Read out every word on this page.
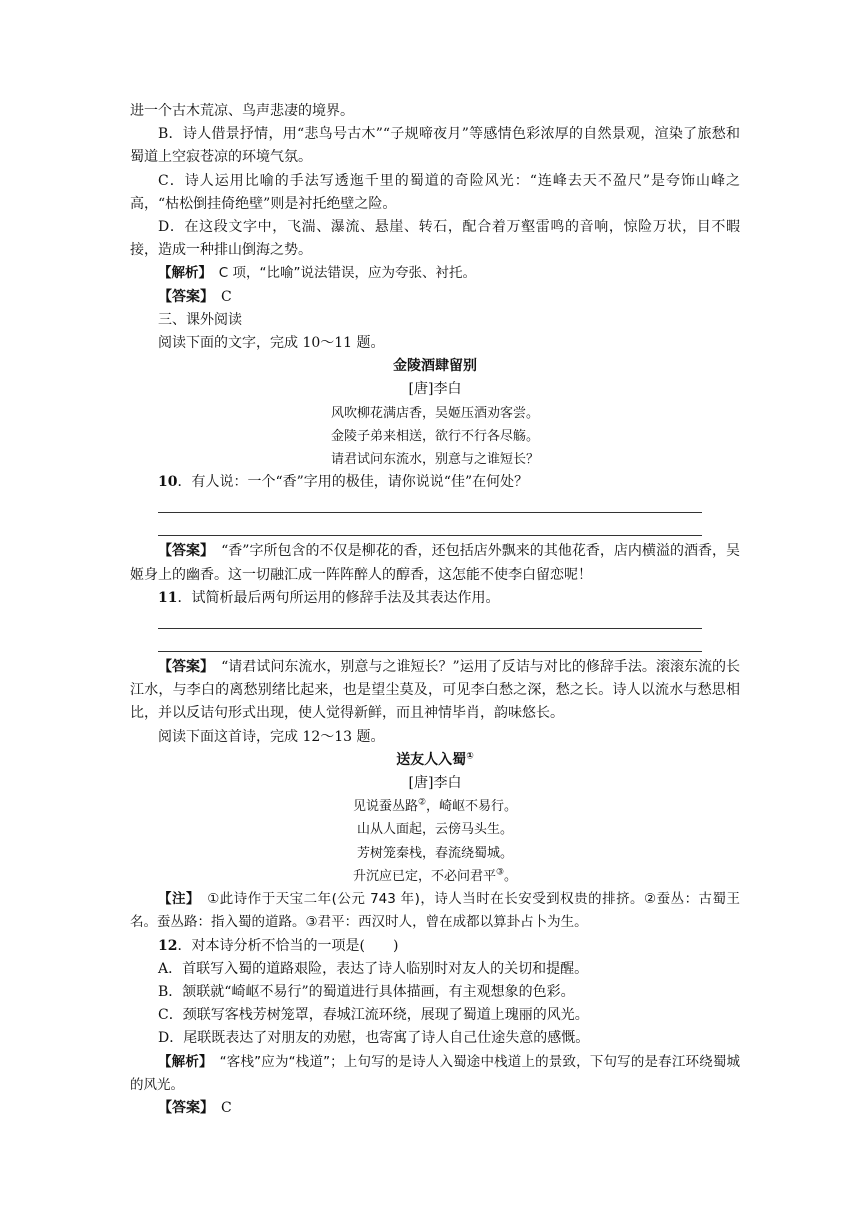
进一个古木荒凉、鸟声悲凄的境界。

B．诗人借景抒情，用“悲鸟号古木”“子规啼夜月”等感情色彩浓厚的自然景观，渲染了旅愁和蜀道上空寂苍凉的环境气氛。

C．诗人运用比喻的手法写透迤千里的蜀道的奇险风光：“连峰去天不盈尺”是夸饰山峰之高，“枯松倒挂倚绝壁”则是衬托绝壁之险。

D．在这段文字中，飞湍、瀑流、悬崖、转石，配合着万壑雷鸣的音响，惊险万状，目不暇接，造成一种排山倒海之势。

【解析】　 C 项，“比喻”说法错误，应为夸张、衬托。

【答案】　 C

三、课外阅读

阅读下面的文字，完成 10～11 题。

金陵酒肆留别

[唐]李白

风吹柳花满店香，吴姬压酒劝客尝。

金陵子弟来相送，欲行不行各尽觞。

请君试问东流水，别意与之谁短长？

10．有人说：一个“香”字用的极佳，请你说说“佳”在何处？

【答案】　 “香”字所包含的不仅是柳花的香，还包括店外飘来的其他花香，店内横溢的酒香，吴姬身上的幽香。这一切融汇成一阵阵醉人的醇香，这怎能不使李白留恋呢！

11．试简析最后两句所运用的修辞手法及其表达作用。

【答案】　 “请君试问东流水，别意与之谁短长？”运用了反诘与对比的修辞手法。滚滚东流的长江水，与李白的离愁别绪比起来，也是望尘莫及，可见李白愁之深，愁之长。诗人以流水与愁思相比，并以反诘句形式出现，使人觉得新鲜，而且神情毕肖，韵味悠长。

阅读下面这首诗，完成 12～13 题。

送友人入蜀①

[唐]李白

见说蚕丛路②，崎岖不易行。

山从人面起，云傍马头生。

芳树笼秦栈，春流绕蜀城。

升沉应已定，不必问君平③。

【注】　 ①此诗作于天宝二年(公元 743 年)，诗人当时在长安受到权贵的排挤。②蚕丛：古蜀王名。蚕丛路：指入蜀的道路。③君平：西汉时人，曾在成都以算卦占卜为生。

12．对本诗分析不恰当的一项是(　　)

A．首联写入蜀的道路艰险，表达了诗人临别时对友人的关切和提醒。

B．颔联就“崎岖不易行”的蜀道进行具体描画，有主观想象的色彩。

C．颈联写客栈芳树笼罩，春城江流环绕，展现了蜀道上瑰丽的风光。

D．尾联既表达了对朋友的劝慰，也寄寓了诗人自己仕途失意的感慨。

【解析】　 “客栈”应为“栈道”；上句写的是诗人入蜀途中栈道上的景致，下句写的是春江环绕蜀城的风光。

【答案】　 C
